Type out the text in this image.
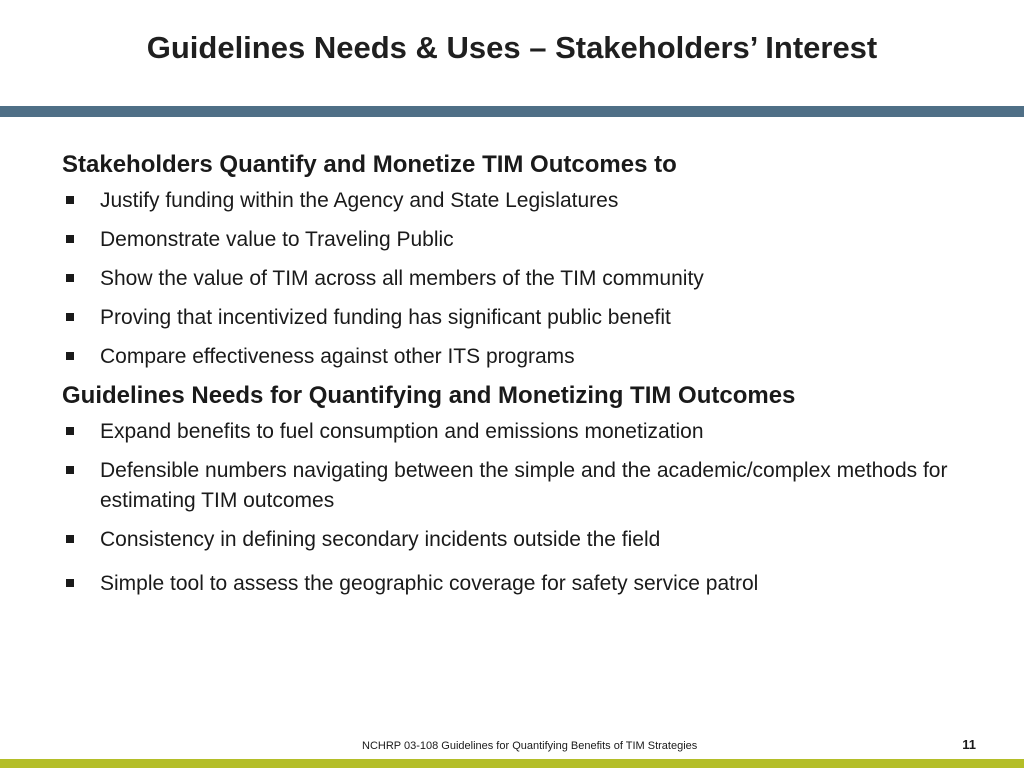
Guidelines Needs & Uses – Stakeholders’ Interest
Stakeholders Quantify and Monetize TIM Outcomes to
Justify funding within the Agency and State Legislatures
Demonstrate value to Traveling Public
Show the value of TIM across all members of the TIM community
Proving that incentivized funding has significant public benefit
Compare effectiveness against other ITS programs
Guidelines Needs for Quantifying and Monetizing TIM Outcomes
Expand benefits to fuel consumption and emissions monetization
Defensible numbers navigating between the simple and the academic/complex methods for estimating TIM outcomes
Consistency in defining secondary incidents outside the field
Simple tool to assess the geographic coverage for safety service patrol
NCHRP 03-108 Guidelines for Quantifying Benefits of TIM Strategies	11
